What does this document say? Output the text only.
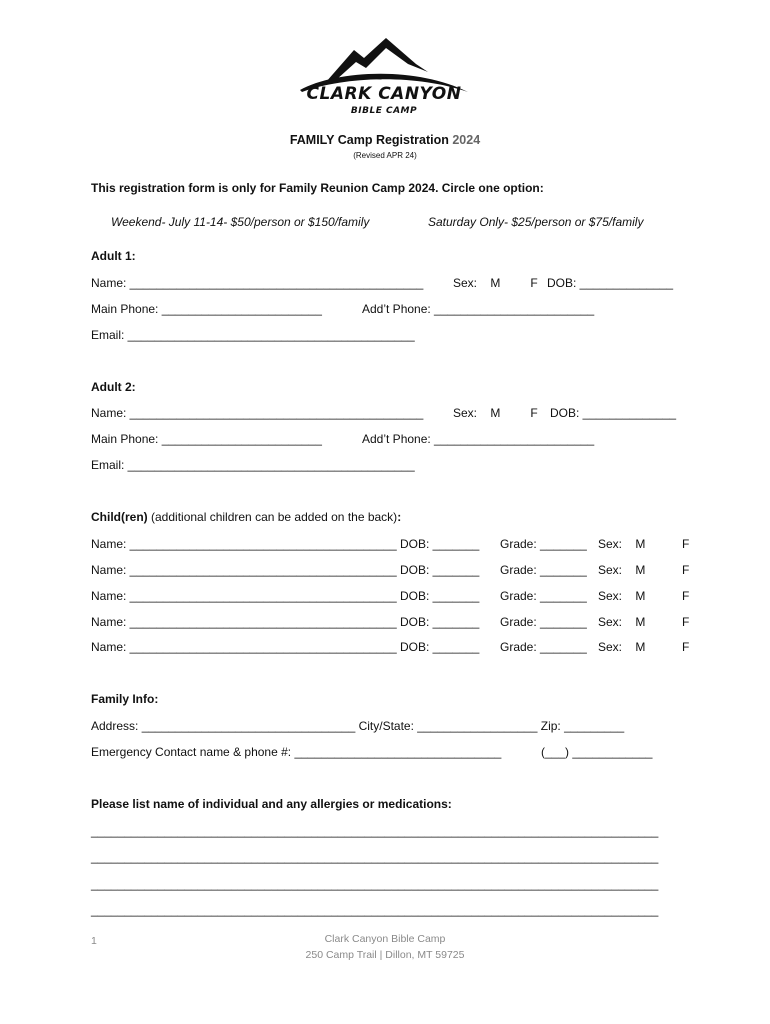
CLARK CANYON
BIBLE CAMP
FAMILY Camp Registration 2024
(Revised APR 24)
This registration form is only for Family Reunion Camp 2024. Circle one option:
Weekend- July 11-14- $50/person or $150/family	Saturday Only- $25/person or $75/family
Adult 1:
Name: ____________________________________________ Sex:    M         F DOB: ______________
Main Phone: ________________________	Add’t Phone: ________________________
Email: ___________________________________________
Adult 2:
Name: ____________________________________________ Sex:    M         F DOB: ______________
Main Phone: ________________________	Add’t Phone: ________________________
Email: ___________________________________________
Child(ren) (additional children can be added on the back):
Name: ________________________________________ DOB: _______ Grade: _______ Sex:    M           F
Name: ________________________________________ DOB: _______ Grade: _______ Sex:    M           F
Name: ________________________________________ DOB: _______ Grade: _______ Sex:    M           F
Name: ________________________________________ DOB: _______ Grade: _______ Sex:    M           F
Name: ________________________________________ DOB: _______ Grade: _______ Sex:    M           F
Family Info:
Address: ________________________________ City/State: __________________ Zip: _________
Emergency Contact name & phone #: _______________________________	(___) ____________
Please list name of individual and any allergies or medications:
_____________________________________________________________________________________
_____________________________________________________________________________________
_____________________________________________________________________________________
_____________________________________________________________________________________
1	Clark Canyon Bible Camp
250 Camp Trail | Dillon, MT 59725
